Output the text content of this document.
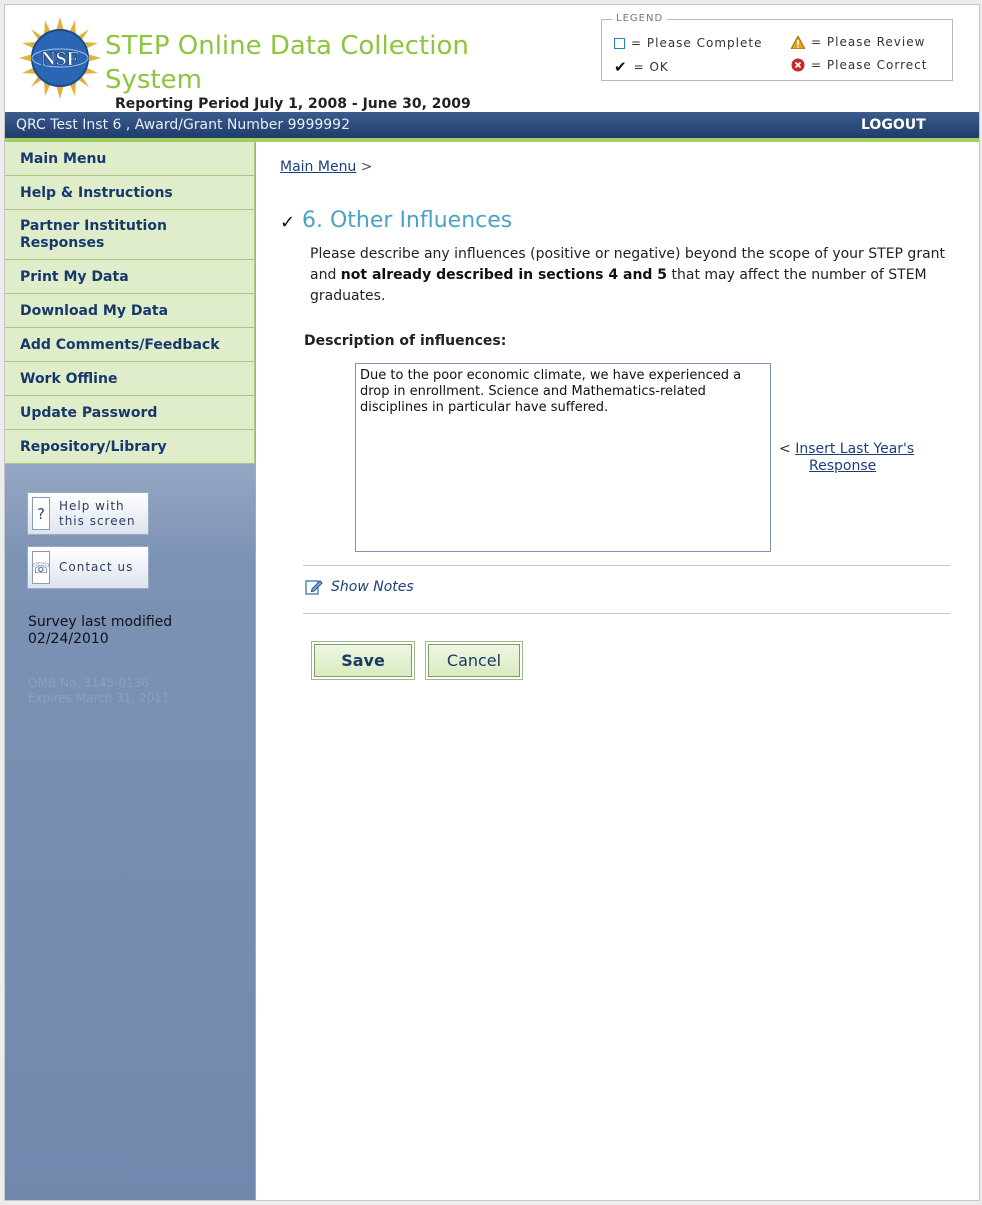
NSF STEP Online Data Collection System
Reporting Period July 1, 2008 - June 30, 2009
LEGEND
= Please Complete
✔ = OK
= Please Review
= Please Correct
QRC Test Inst 6 , Award/Grant Number 9999992	LOGOUT
Main Menu
Help & Instructions
Partner Institution Responses
Print My Data
Download My Data
Add Comments/Feedback
Work Offline
Update Password
Repository/Library
?	Help with
this screen
☏ Contact us
Survey last modified
02/24/2010
OMB No. 3145-0136
Expires March 31, 2011
Main Menu >
✓ 6. Other Influences
Please describe any influences (positive or negative) beyond the scope of your STEP grant and not already described in sections 4 and 5 that may affect the number of STEM graduates.
Description of influences:
Due to the poor economic climate, we have experienced a drop in enrollment. Science and Mathematics-related disciplines in particular have suffered.
< Insert Last Year's
Response
Show Notes
Save	Cancel
